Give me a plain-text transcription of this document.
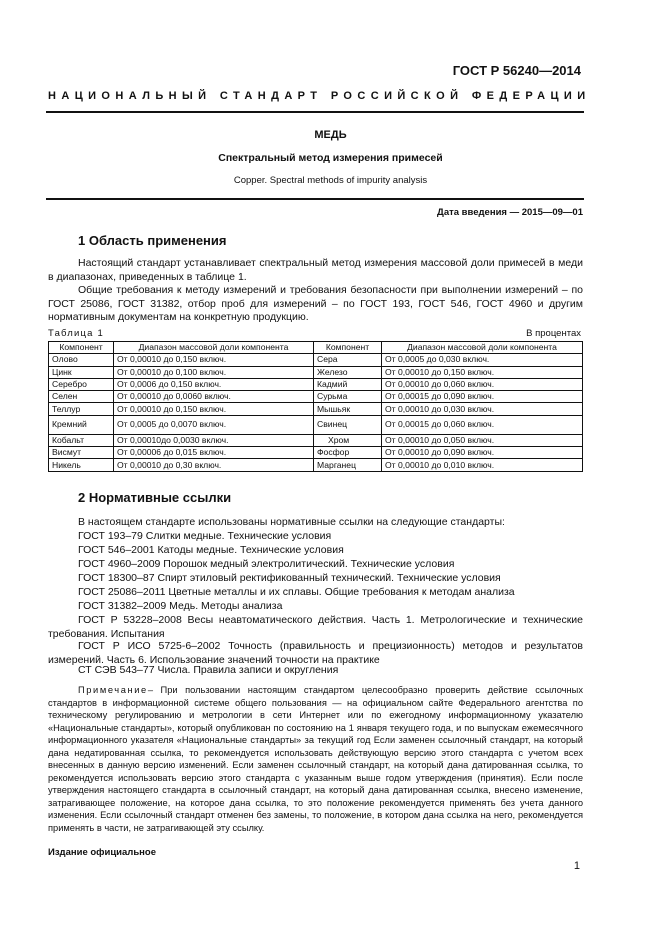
ГОСТ Р 56240—2014
НАЦИОНАЛЬНЫЙ СТАНДАРТ РОССИЙСКОЙ ФЕДЕРАЦИИ
МЕДЬ
Спектральный метод измерения примесей
Copper. Spectral methods of impurity analysis
Дата введения — 2015—09—01
1 Область применения
Настоящий стандарт устанавливает спектральный метод измерения массовой доли примесей в меди в диапазонах, приведенных в таблице 1.
Общие требования к методу измерений и требования безопасности при выполнении измерений – по ГОСТ 25086, ГОСТ 31382, отбор проб для измерений – по ГОСТ 193, ГОСТ 546, ГОСТ 4960 и другим нормативным документам на конкретную продукцию.
Таблица 1	В процентах
Компонент	Диапазон массовой доли компонента	Компонент	Диапазон массовой доли компонента
Олово	От 0,00010 до 0,150 включ.	Сера	От 0,0005 до 0,030 включ.
Цинк	От 0,00010 до 0,100 включ.	Железо	От 0,00010 до 0,150 включ.
Серебро	От 0,0006 до 0,150 включ.	Кадмий	От 0,00010 до 0,060 включ.
Селен	От 0,00010 до 0,0060 включ.	Сурьма	От 0,00015 до 0,090 включ.
Теллур	От 0,00010 до 0,150 включ.	Мышьяк	От 0,00010 до 0,030 включ.
Кремний	От 0,0005 до 0,0070 включ.	Свинец	От 0,00015 до 0,060 включ.
Кобальт	От 0,00010до 0,0030 включ.	Хром	От 0,00010 до 0,050 включ.
Висмут	От 0,00006 до 0,015 включ.	Фосфор	От 0,00010 до 0,090 включ.
Никель	От 0,00010 до 0,30 включ.	Марганец	От 0,00010 до 0,010 включ.
2 Нормативные ссылки
В настоящем стандарте использованы нормативные ссылки на следующие стандарты:
ГОСТ 193–79 Слитки медные. Технические условия
ГОСТ 546–2001 Катоды медные. Технические условия
ГОСТ 4960–2009 Порошок медный электролитический. Технические условия
ГОСТ 18300–87 Спирт этиловый ректификованный технический. Технические условия
ГОСТ 25086–2011 Цветные металлы и их сплавы. Общие требования к методам анализа
ГОСТ 31382–2009 Медь. Методы анализа
ГОСТ Р 53228–2008 Весы неавтоматического действия. Часть 1. Метрологические и технические требования. Испытания
ГОСТ Р ИСО 5725-6–2002 Точность (правильность и прецизионность) методов и результатов измерений. Часть 6. Использование значений точности на практике
СТ СЭВ 543–77 Числа. Правила записи и округления
Примечание– При пользовании настоящим стандартом целесообразно проверить действие ссылочных стандартов в информационной системе общего пользования — на официальном сайте Федерального агентства по техническому регулированию и метрологии в сети Интернет или по ежегодному информационному указателю «Национальные стандарты», который опубликован по состоянию на 1 января текущего года, и по выпускам ежемесячного информационного указателя «Национальные стандарты» за текущий год Если заменен ссылочный стандарт, на который дана недатированная ссылка, то рекомендуется использовать действующую версию этого стандарта с учетом всех внесенных в данную версию изменений. Если заменен ссылочный стандарт, на который дана датированная ссылка, то рекомендуется использовать версию этого стандарта с указанным выше годом утверждения (принятия). Если после утверждения настоящего стандарта в ссылочный стандарт, на который дана датированная ссылка, внесено изменение, затрагивающее положение, на которое дана ссылка, то это положение рекомендуется применять без учета данного изменения. Если ссылочный стандарт отменен без замены, то положение, в котором дана ссылка на него, рекомендуется применять в части, не затрагивающей эту ссылку.
Издание официальное
1
